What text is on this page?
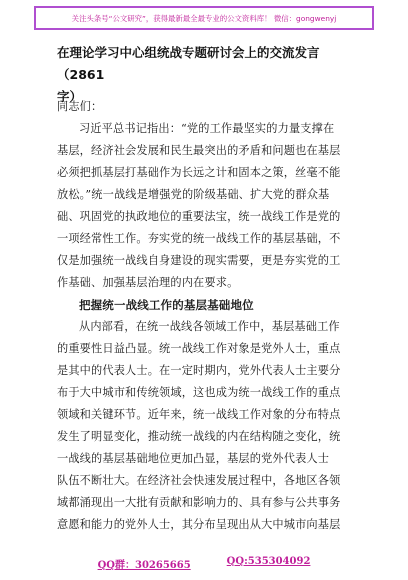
关注头条号“公文研究”，获得最新最全最专业的公文资料库！ 微信：gongwenyj
在理论学习中心组统战专题研讨会上的交流发言（2861
字）
同志们：
习近平总书记指出：“党的工作最坚实的力量支撑在
基层，经济社会发展和民生最突出的矛盾和问题也在基层
必须把抓基层打基础作为长远之计和固本之策，丝毫不能
放松。”统一战线是增强党的阶级基础、扩大党的群众基
础、巩固党的执政地位的重要法宝，统一战线工作是党的
一项经常性工作。夯实党的统一战线工作的基层基础，不
仅是加强统一战线自身建设的现实需要，更是夯实党的工
作基础、加强基层治理的内在要求。
把握统一战线工作的基层基础地位
从内部看，在统一战线各领域工作中，基层基础工作
的重要性日益凸显。统一战线工作对象是党外人士，重点
是其中的代表人士。在一定时期内，党外代表人士主要分
布于大中城市和传统领域，这也成为统一战线工作的重点
领域和关键环节。近年来，统一战线工作对象的分布特点
发生了明显变化，推动统一战线的内在结构随之变化，统
一战线的基层基础地位更加凸显，基层的党外代表人士
队伍不断壮大。在经济社会快速发展过程中，各地区各领
域都涌现出一大批有贡献和影响力的、具有参与公共事务
意愿和能力的党外人士，其分布呈现出从大中城市向基层
QQ群：30265665	QQ:535304092
